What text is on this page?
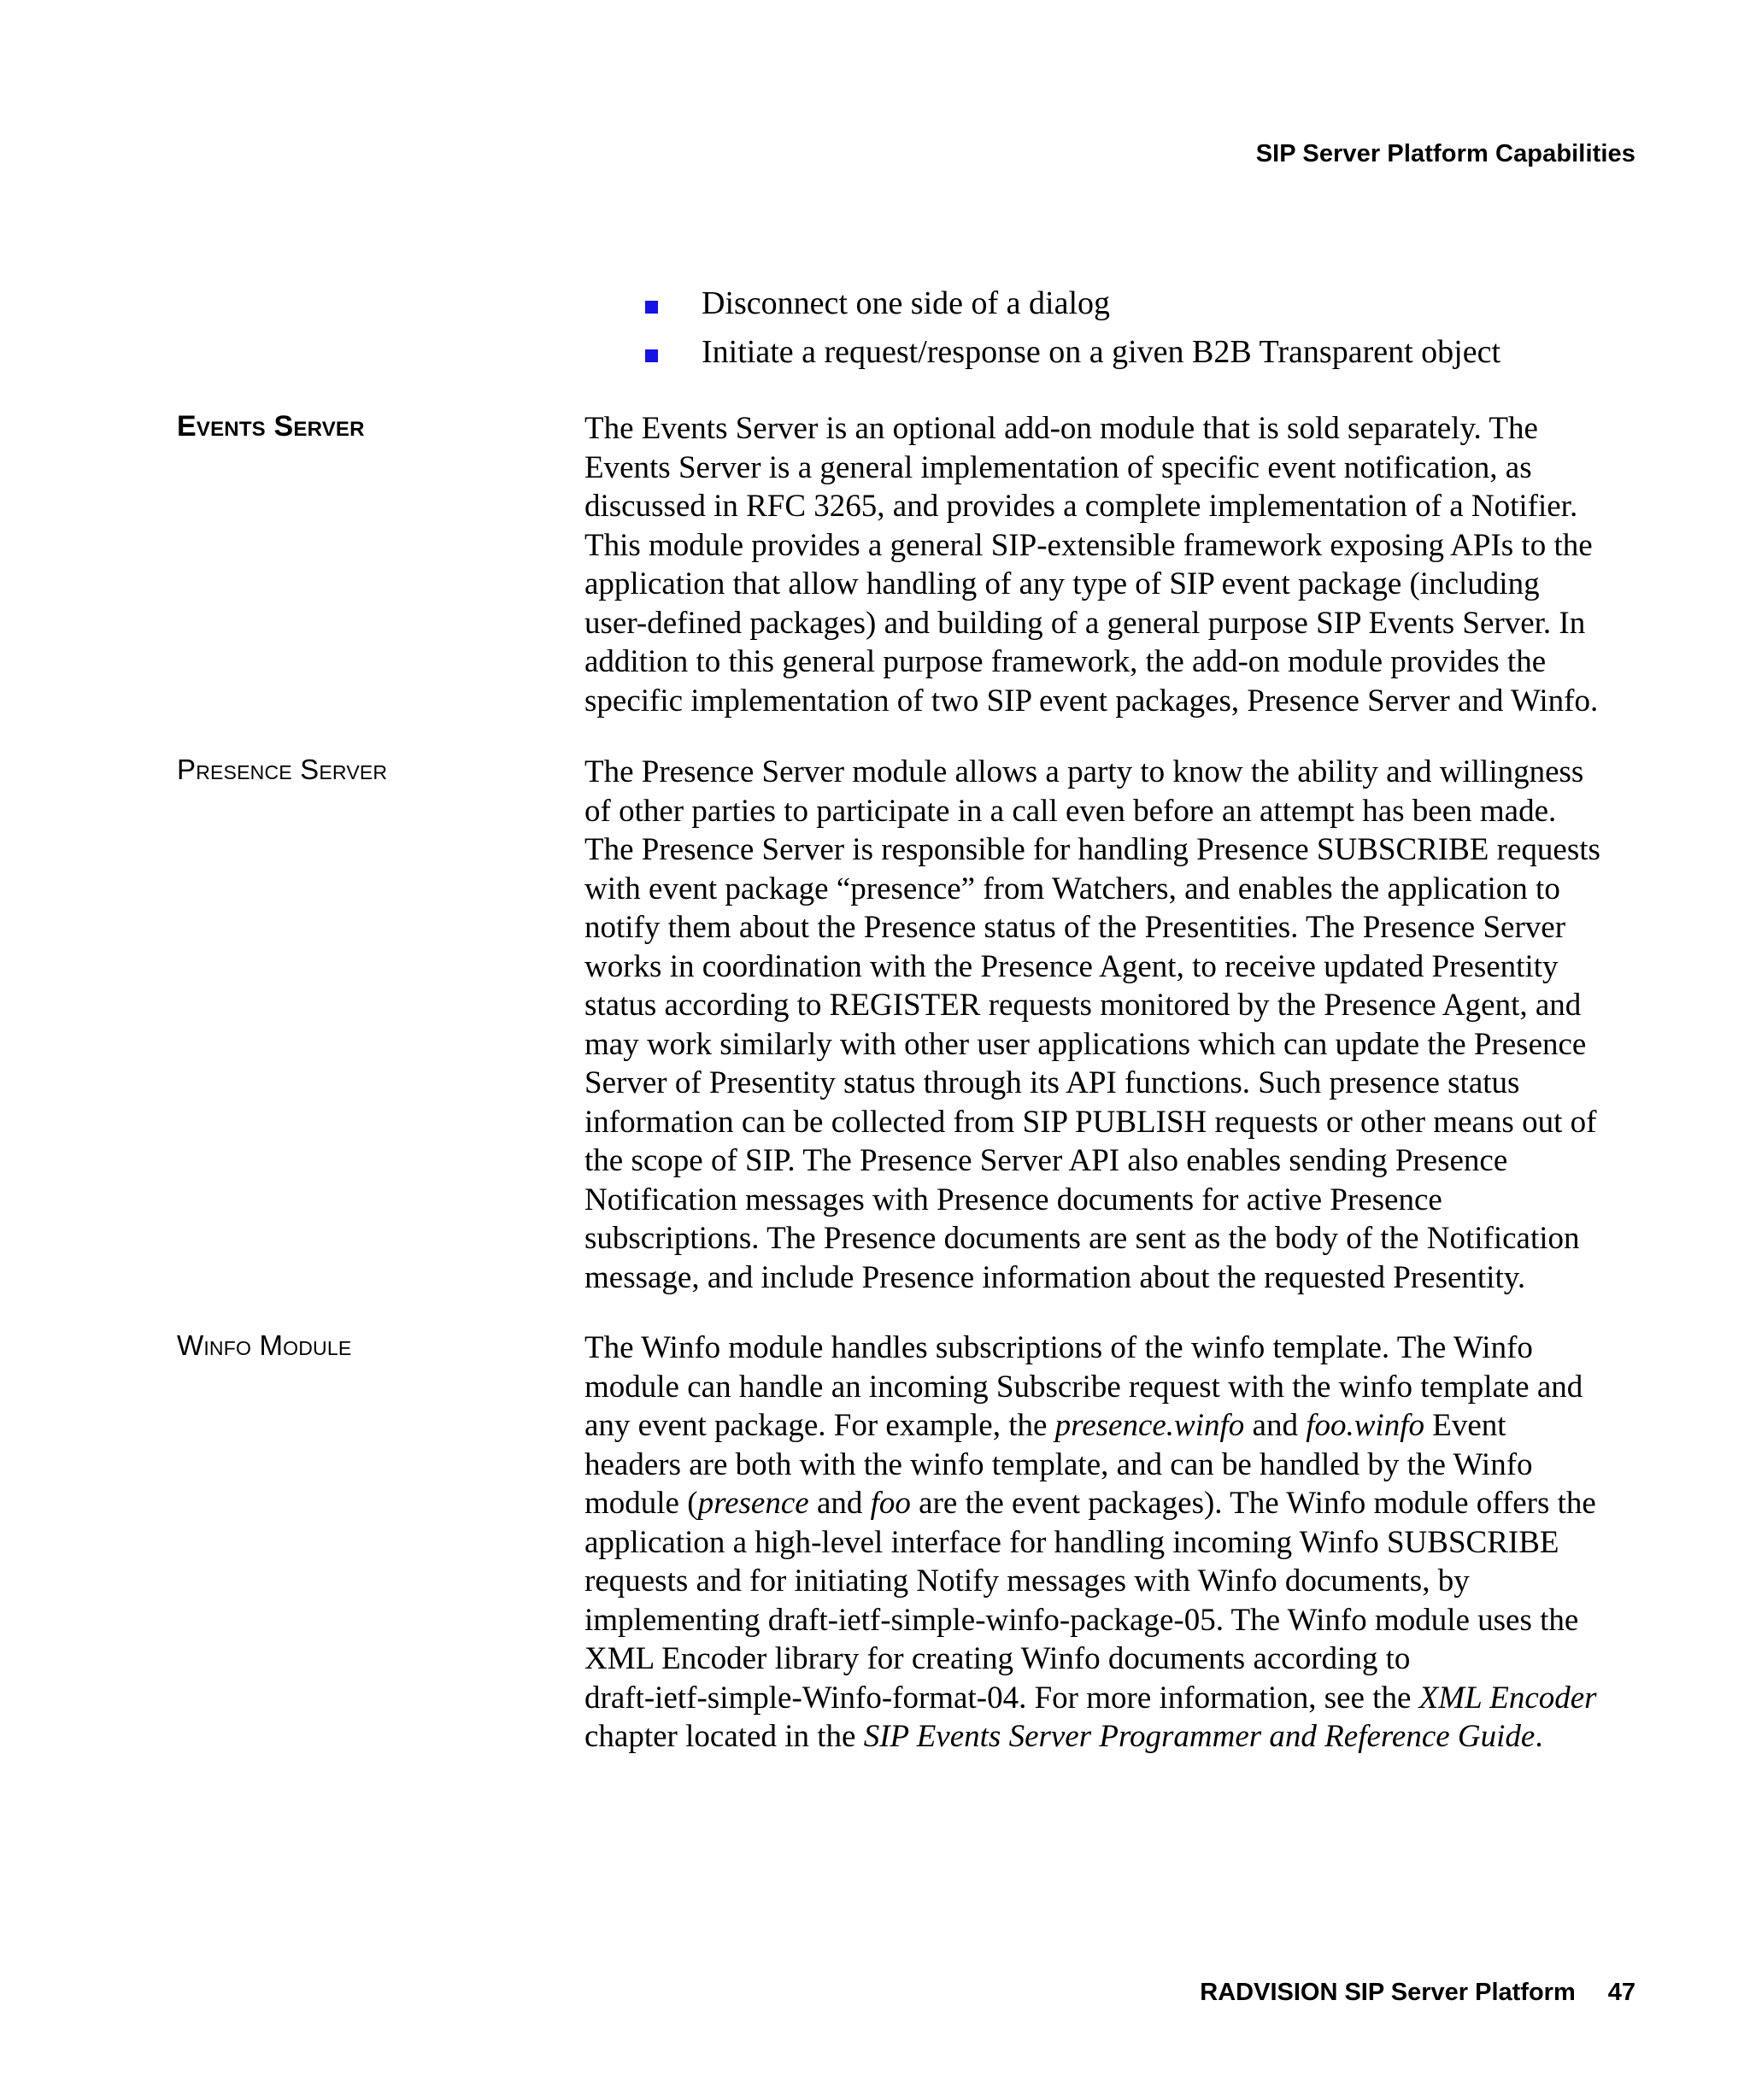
SIP Server Platform Capabilities
Disconnect one side of a dialog
Initiate a request/response on a given B2B Transparent object
Events Server	The Events Server is an optional add-on module that is sold separately. The
Events Server is a general implementation of specific event notification, as
discussed in RFC 3265, and provides a complete implementation of a Notifier.
This module provides a general SIP-extensible framework exposing APIs to the
application that allow handling of any type of SIP event package (including
user-defined packages) and building of a general purpose SIP Events Server. In
addition to this general purpose framework, the add-on module provides the
specific implementation of two SIP event packages, Presence Server and Winfo.
Presence Server	The Presence Server module allows a party to know the ability and willingness
of other parties to participate in a call even before an attempt has been made.
The Presence Server is responsible for handling Presence SUBSCRIBE requests
with event package “presence” from Watchers, and enables the application to
notify them about the Presence status of the Presentities. The Presence Server
works in coordination with the Presence Agent, to receive updated Presentity
status according to REGISTER requests monitored by the Presence Agent, and
may work similarly with other user applications which can update the Presence
Server of Presentity status through its API functions. Such presence status
information can be collected from SIP PUBLISH requests or other means out of
the scope of SIP. The Presence Server API also enables sending Presence
Notification messages with Presence documents for active Presence
subscriptions. The Presence documents are sent as the body of the Notification
message, and include Presence information about the requested Presentity.
Winfo Module	The Winfo module handles subscriptions of the winfo template. The Winfo
module can handle an incoming Subscribe request with the winfo template and
any event package. For example, the presence.winfo and foo.winfo Event
headers are both with the winfo template, and can be handled by the Winfo
module (presence and foo are the event packages). The Winfo module offers the
application a high-level interface for handling incoming Winfo SUBSCRIBE
requests and for initiating Notify messages with Winfo documents, by
implementing draft-ietf-simple-winfo-package-05. The Winfo module uses the
XML Encoder library for creating Winfo documents according to
draft-ietf-simple-Winfo-format-04. For more information, see the XML Encoder
chapter located in the SIP Events Server Programmer and Reference Guide.
RADVISION SIP Server Platform 47
